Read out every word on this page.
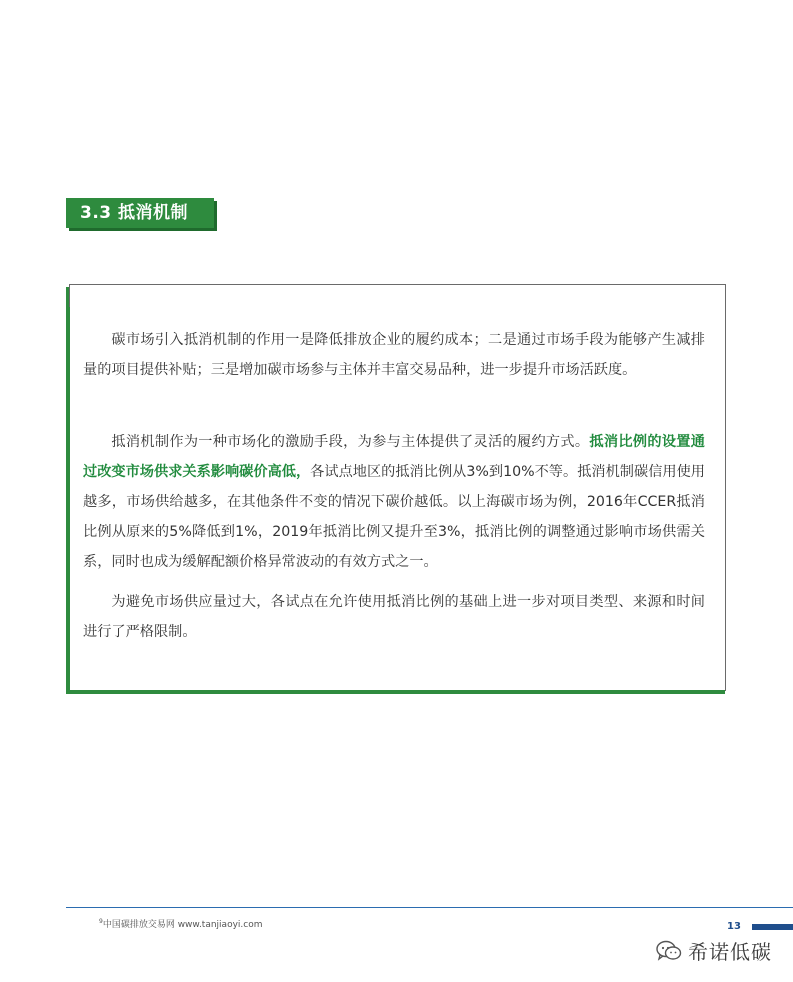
3.3 抵消机制

碳市场引入抵消机制的作用一是降低排放企业的履约成本；二是通过市场手段为能够产生减排量的项目提供补贴；三是增加碳市场参与主体并丰富交易品种，进一步提升市场活跃度。

抵消机制作为一种市场化的激励手段，为参与主体提供了灵活的履约方式。抵消比例的设置通过改变市场供求关系影响碳价高低，各试点地区的抵消比例从3%到10%不等。抵消机制碳信用使用越多，市场供给越多，在其他条件不变的情况下碳价越低。以上海碳市场为例，2016年CCER抵消比例从原来的5%降低到1%，2019年抵消比例又提升至3%，抵消比例的调整通过影响市场供需关系，同时也成为缓解配额价格异常波动的有效方式之一。

为避免市场供应量过大，各试点在允许使用抵消比例的基础上进一步对项目类型、来源和时间进行了严格限制。

$^9$中国碳排放交易网 www.tanjiaoyi.com	13
希诺低碳
